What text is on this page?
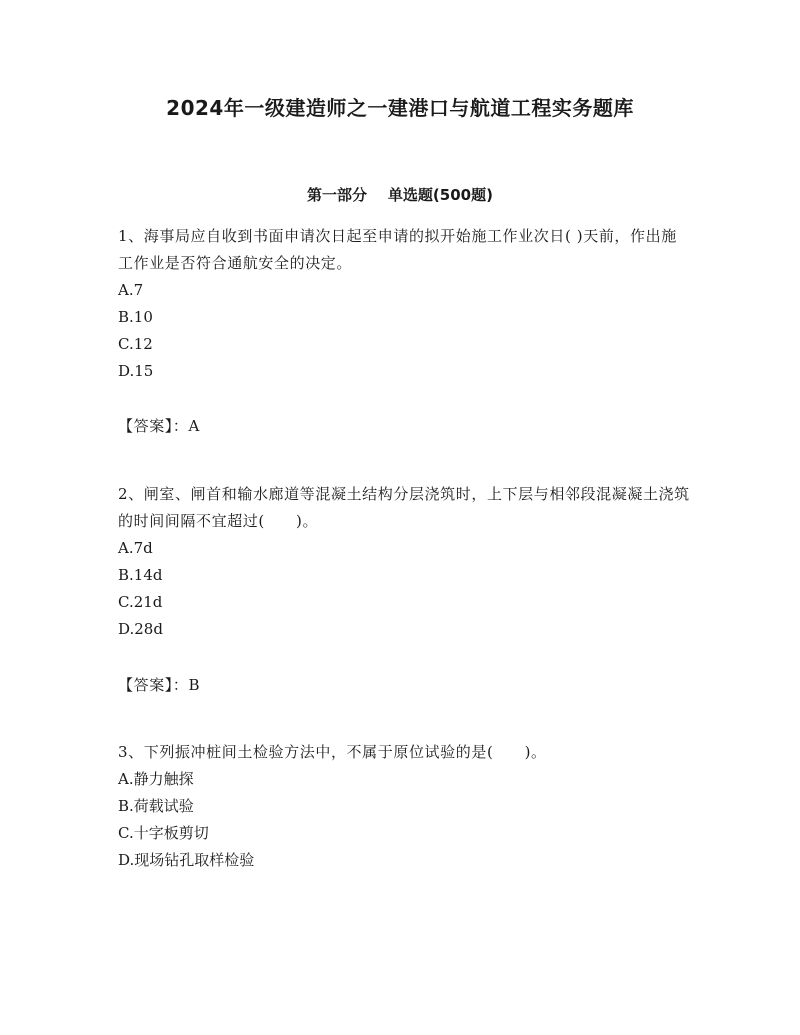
2024年一级建造师之一建港口与航道工程实务题库
第一部分    单选题(500题)

1、海事局应自收到书面申请次日起至申请的拟开始施工作业次日( )天前，作出施工作业是否符合通航安全的决定。

A.7

B.10

C.12

D.15

【答案】：A

2、闸室、闸首和输水廊道等混凝土结构分层浇筑时，上下层与相邻段混凝凝土浇筑的时间间隔不宜超过(　　)。

A.7d

B.14d

C.21d

D.28d

【答案】：B

3、下列振冲桩间土检验方法中，不属于原位试验的是(　　)。

A.静力触探

B.荷载试验

C.十字板剪切

D.现场钻孔取样检验
